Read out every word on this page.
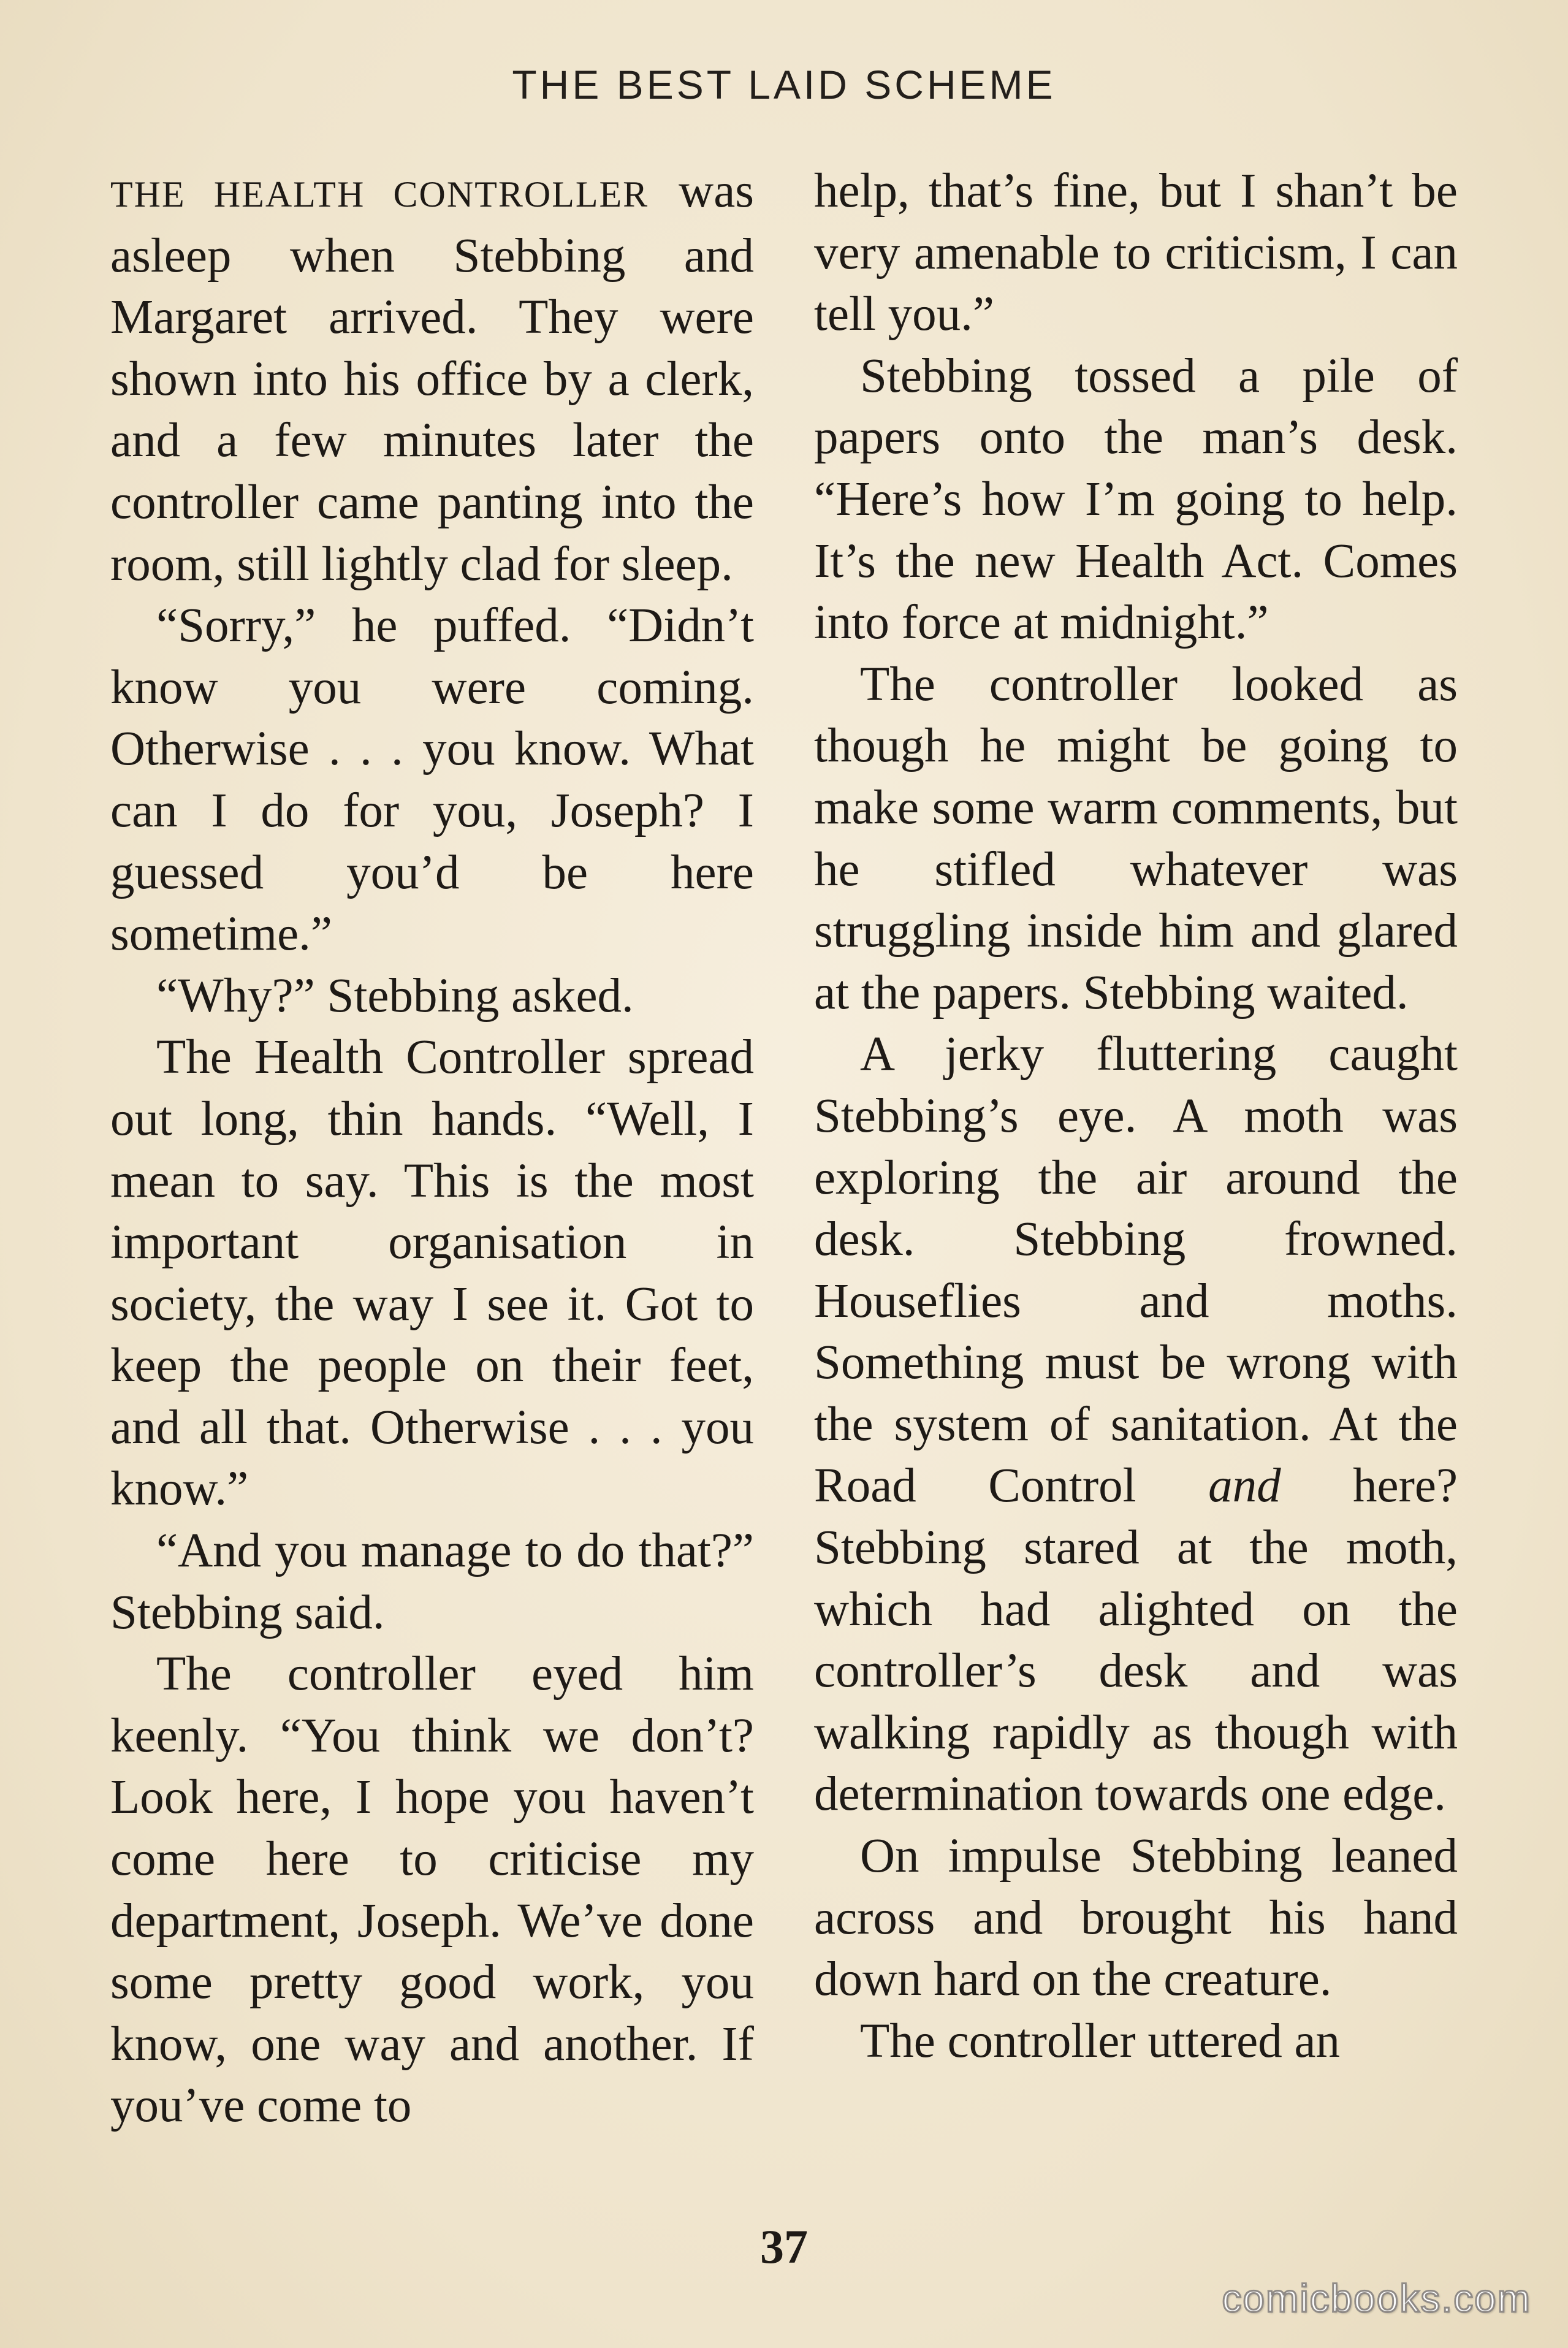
THE BEST LAID SCHEME

THE HEALTH CONTROLLER was asleep when Stebbing and Margaret arrived. They were shown into his office by a clerk, and a few minutes later the controller came panting into the room, still lightly clad for sleep.

“Sorry,” he puffed. “Didn’t know you were coming. Otherwise . . . you know. What can I do for you, Joseph? I guessed you’d be here sometime.”

“Why?” Stebbing asked.

The Health Controller spread out long, thin hands. “Well, I mean to say. This is the most important organisation in society, the way I see it. Got to keep the people on their feet, and all that. Otherwise . . . you know.”

“And you manage to do that?” Stebbing said.

The controller eyed him keenly. “You think we don’t? Look here, I hope you haven’t come here to criticise my department, Joseph. We’ve done some pretty good work, you know, one way and another. If you’ve come to

help, that’s fine, but I shan’t be very amenable to criticism, I can tell you.”

Stebbing tossed a pile of papers onto the man’s desk. “Here’s how I’m going to help. It’s the new Health Act. Comes into force at midnight.”

The controller looked as though he might be going to make some warm comments, but he stifled whatever was struggling inside him and glared at the papers. Stebbing waited.

A jerky fluttering caught Stebbing’s eye. A moth was exploring the air around the desk. Stebbing frowned. Houseflies and moths. Something must be wrong with the system of sanitation. At the Road Control and here? Stebbing stared at the moth, which had alighted on the controller’s desk and was walking rapidly as though with determination towards one edge.

On impulse Stebbing leaned across and brought his hand down hard on the creature.

The controller uttered an

37
comicbooks.com
